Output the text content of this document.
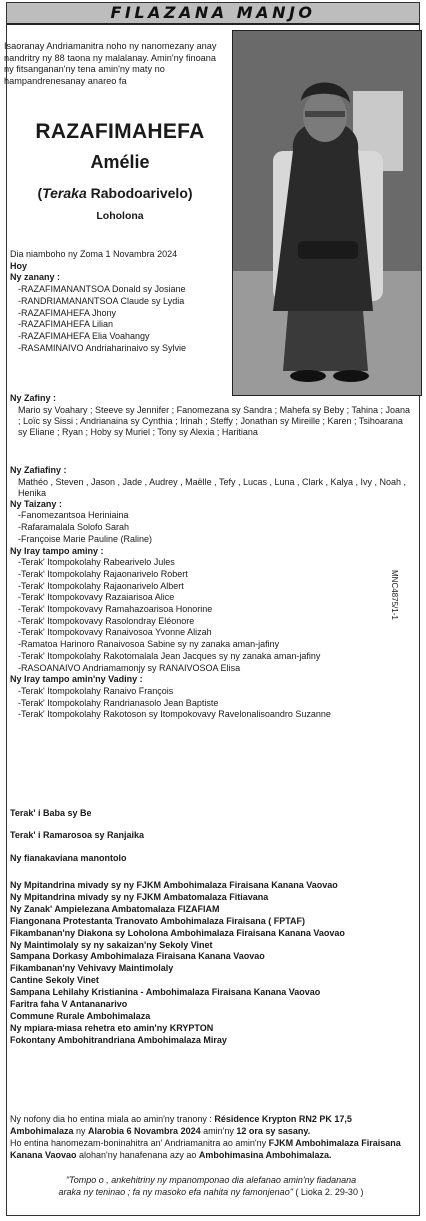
FILAZANA MANJO
Isaoranay Andriamanitra noho ny nanomezany anay nandritry ny 88 taona ny malalanay. Amin'ny finoana ny fitsanganan'ny tena amin'ny maty no hampandrenesanay anareo fa
RAZAFIMAHEFA
Amélie
(Teraka Rabodoarivelo)
Loholona
Dia niamboho ny Zoma 1 Novambra 2024
Hoy
Ny zanany :
-RAZAFIMANANTSOA Donald sy Josiane
-RANDRIAMANANTSOA Claude sy Lydia
-RAZAFIMAHEFA Jhony
-RAZAFIMAHEFA Lilian
-RAZAFIMAHEFA Elia Voahangy
-RASAMINAIVO Andriaharinaivo sy Sylvie
Ny Zafiny :
Mario sy Voahary ; Steeve sy Jennifer ; Fanomezana sy Sandra ; Mahefa sy Beby ; Tahina ; Joana ; Loïc sy Sissi ; Andrianaina sy Cynthia ; Irinah ; Steffy ; Jonathan sy Mireille ; Karen ; Tsihoarana sy Eliane ; Ryan ; Hoby sy Muriel ; Tony sy Alexia ; Haritiana
Ny Zafiafiny :
Mathéo , Steven , Jason , Jade , Audrey , Maëlle , Tefy , Lucas , Luna , Clark , Kalya , Ivy , Noah , Henika
Ny Taizany :
-Fanomezantsoa Heriniaina
-Rafaramalala Solofo Sarah
-Françoise Marie Pauline (Raline)
Ny Iray tampo aminy :
-Terak' Itompokolahy Rabearivelo Jules
-Terak' Itompokolahy Rajaonarivelo Robert
-Terak' Itompokolahy Rajaonarivelo Albert
-Terak' Itompokovavy Razaiarisoa Alice
-Terak' Itompokovavy Ramahazoarisoa Honorine
-Terak' Itompokovavy Rasolondray Eléonore
-Terak' Itompokovavy Ranaivosoa Yvonne Alizah
-Ramatoa Harinoro Ranaivosoa Sabine sy ny zanaka aman-jafiny
-Terak' Itompokolahy Rakotomalala Jean Jacques sy ny zanaka aman-jafiny
-RASOANAIVO Andriamamonjy sy RANAIVOSOA Elisa
Ny Iray tampo amin'ny Vadiny :
-Terak' Itompokolahy Ranaivo François
-Terak' Itompokolahy Randrianasolo Jean Baptiste
-Terak' Itompokolahy Rakotoson sy Itompokovavy Ravelonalisoandro Suzanne
MNC4875/1-1
Terak' i Baba sy Be
Terak' i Ramarosoa sy Ranjaika
Ny fianakaviana manontolo
Ny Mpitandrina mivady sy ny FJKM Ambohimalaza Firaisana Kanana Vaovao
Ny Mpitandrina mivady sy ny FJKM Ambatomalaza Fitiavana
Ny Zanak' Ampielezana Ambatomalaza FIZAFIAM
Fiangonana Protestanta Tranovato Ambohimalaza Firaisana ( FPTAF)
Fikambanan'ny Diakona sy Loholona Ambohimalaza Firaisana Kanana Vaovao
Ny Maintimolaly sy ny sakaizan'ny Sekoly Vinet
Sampana Dorkasy Ambohimalaza Firaisana Kanana Vaovao
Fikambanan'ny Vehivavy Maintimolaly
Cantine Sekoly Vinet
Sampana Lehilahy Kristianina - Ambohimalaza Firaisana Kanana Vaovao
Faritra faha V Antananarivo
Commune Rurale Ambohimalaza
Ny mpiara-miasa rehetra eto amin'ny KRYPTON
Fokontany Ambohitrandriana Ambohimalaza Miray
Ny nofony dia ho entina miala ao amin'ny tranony : Résidence Krypton RN2 PK 17,5 Ambohimalaza ny Alarobia 6 Novambra 2024 amin'ny 12 ora sy sasany.
Ho entina hanomezam-boninahitra an' Andriamanitra ao amin'ny FJKM Ambohimalaza Firaisana Kanana Vaovao alohan'ny hanafenana azy ao Ambohimasina Ambohimalaza.
"Tompo o , ankehitriny ny mpanomponao dia alefanao amin'ny fiadanana
araka ny teninao ; fa ny masoko efa nahita ny famonjenao" ( Lioka 2. 29-30 )
